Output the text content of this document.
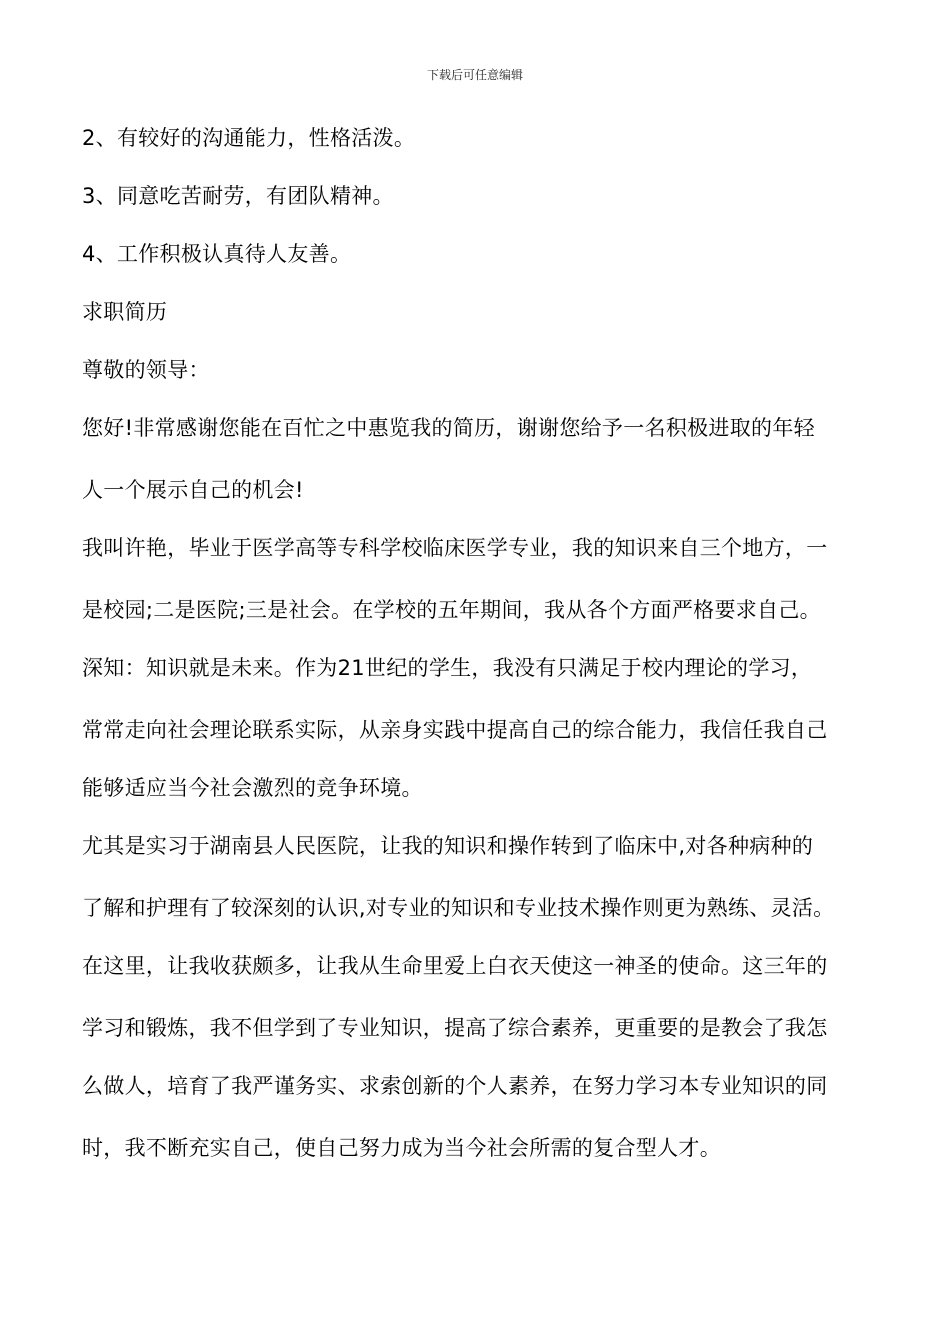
下载后可任意编辑
2、有较好的沟通能力，性格活泼。
3、同意吃苦耐劳，有团队精神。
4、工作积极认真待人友善。
求职简历
尊敬的领导：
您好!非常感谢您能在百忙之中惠览我的简历，谢谢您给予一名积极进取的年轻
人一个展示自己的机会!
我叫许艳，毕业于医学高等专科学校临床医学专业，我的知识来自三个地方，一
是校园;二是医院;三是社会。在学校的五年期间，我从各个方面严格要求自己。
深知：知识就是未来。作为21世纪的学生，我没有只满足于校内理论的学习，
常常走向社会理论联系实际，从亲身实践中提高自己的综合能力，我信任我自己
能够适应当今社会激烈的竞争环境。
尤其是实习于湖南县人民医院，让我的知识和操作转到了临床中,对各种病种的
了解和护理有了较深刻的认识,对专业的知识和专业技术操作则更为熟练、灵活。
在这里，让我收获颇多，让我从生命里爱上白衣天使这一神圣的使命。这三年的
学习和锻炼，我不但学到了专业知识，提高了综合素养，更重要的是教会了我怎
么做人，培育了我严谨务实、求索创新的个人素养，在努力学习本专业知识的同
时，我不断充实自己，使自己努力成为当今社会所需的复合型人才。
